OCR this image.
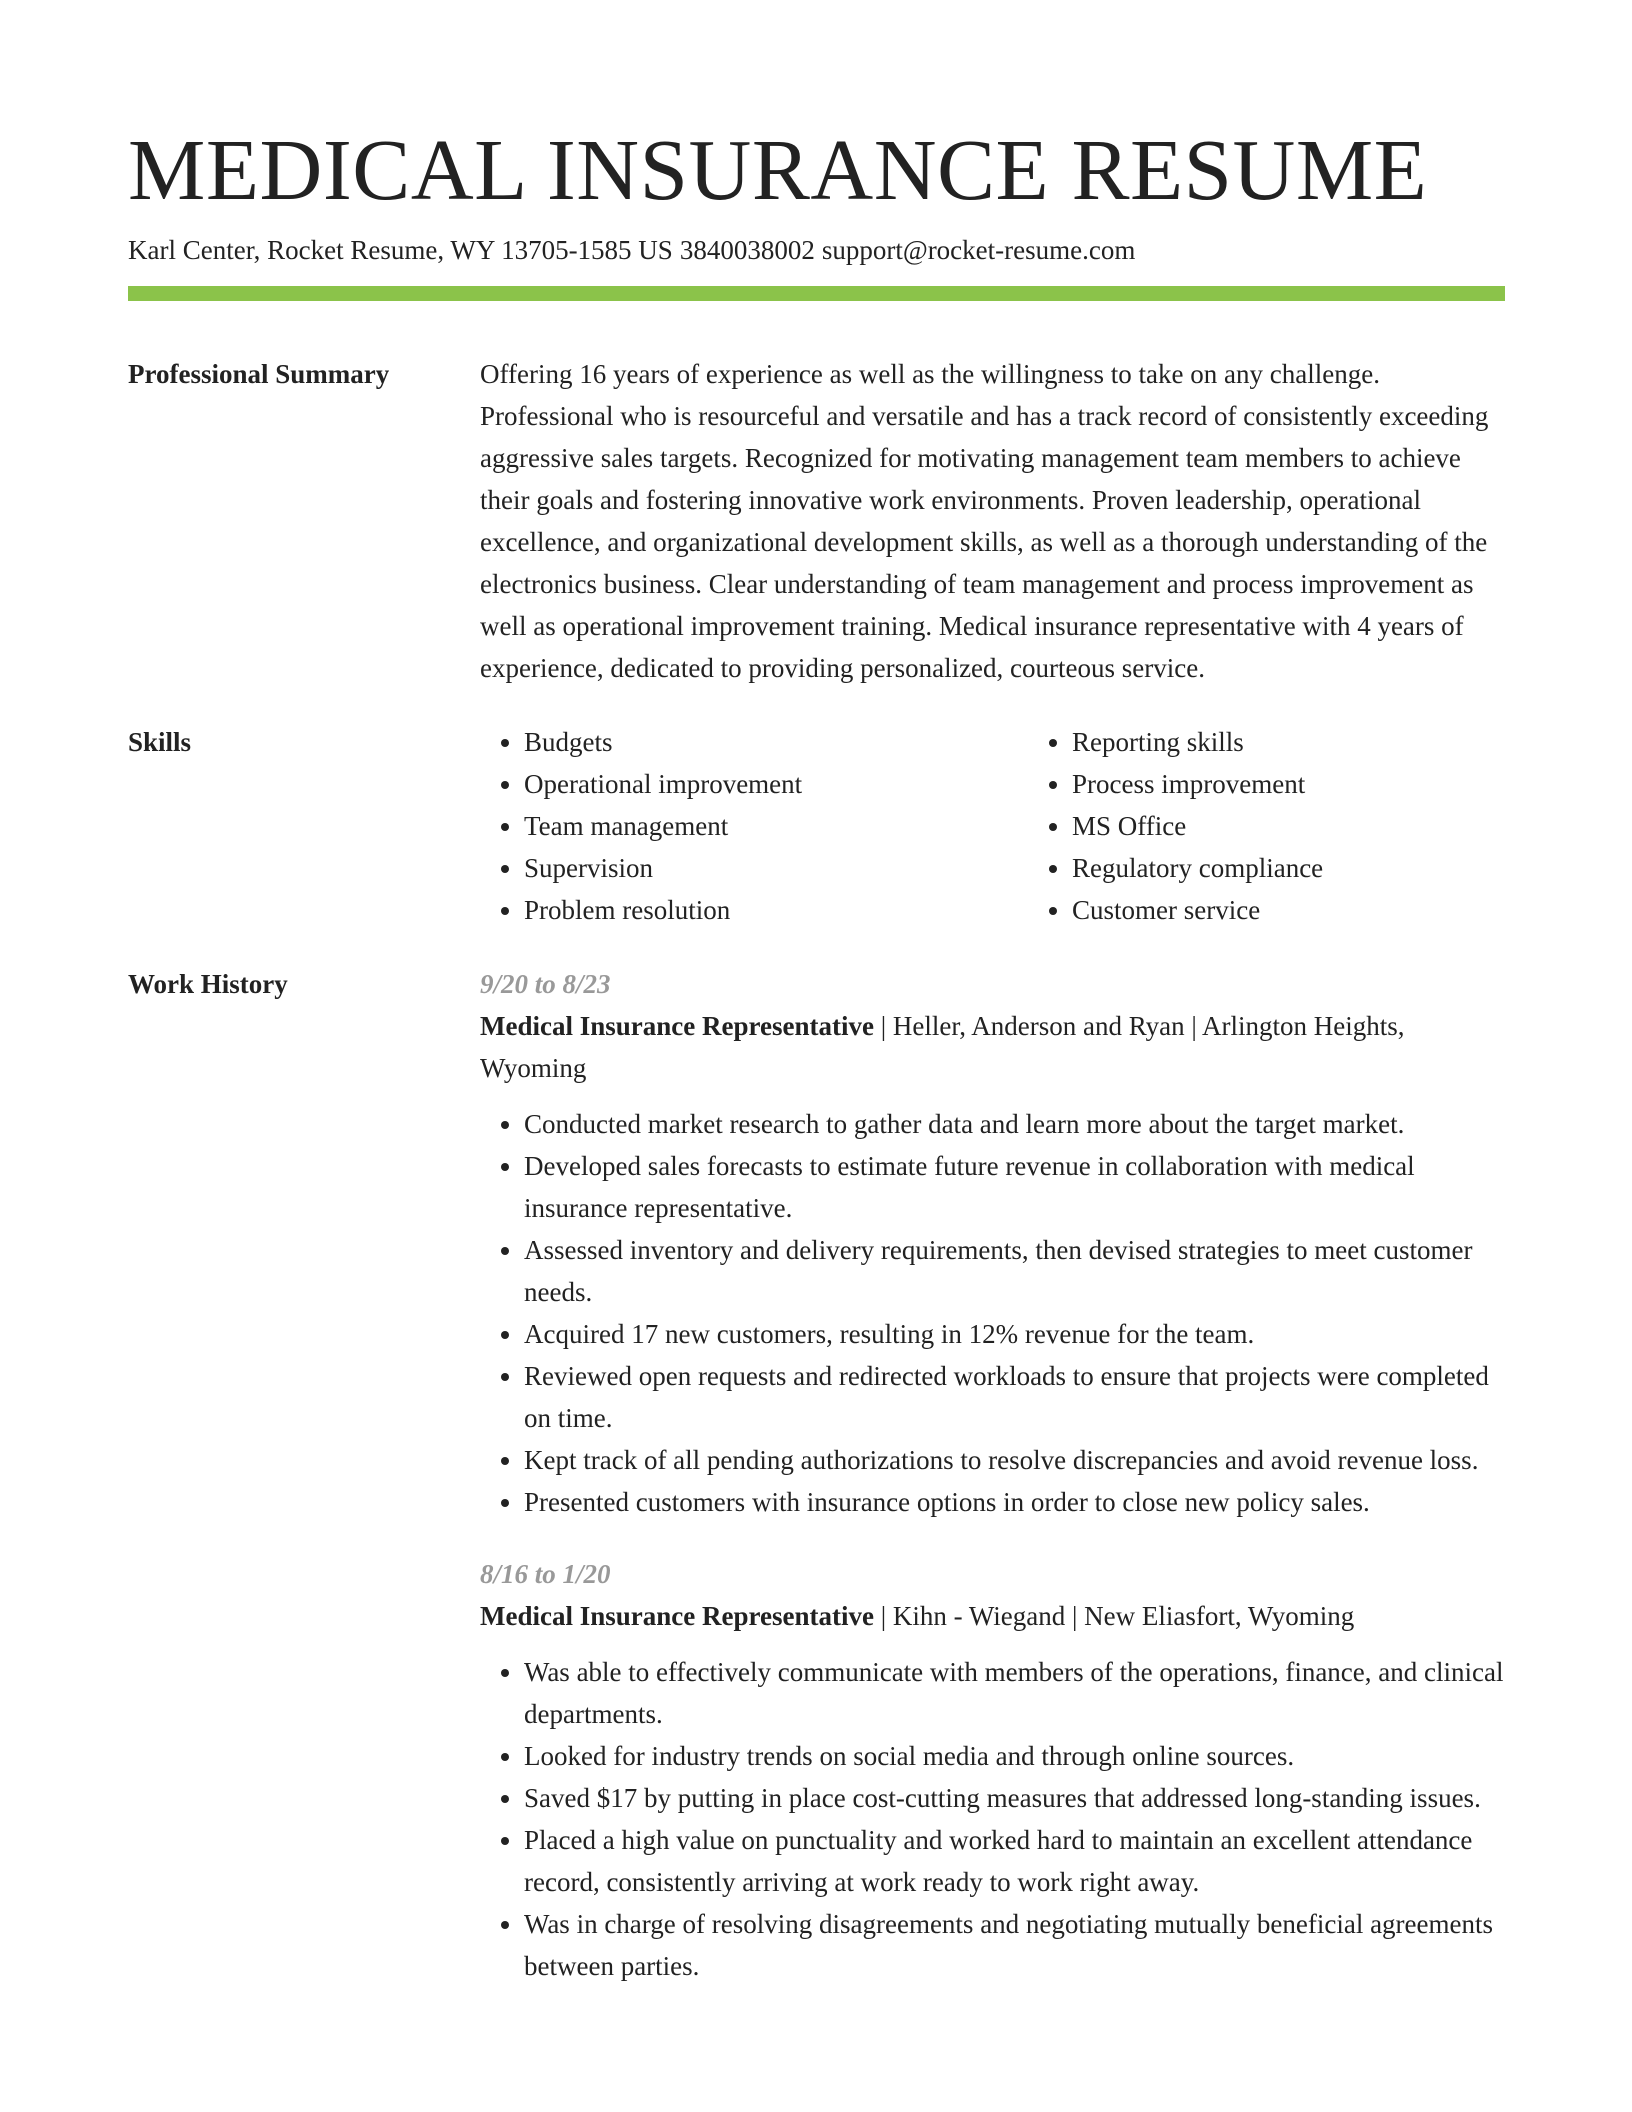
MEDICAL INSURANCE RESUME
Karl Center, Rocket Resume, WY 13705-1585 US 3840038002 support@rocket-resume.com
Professional Summary	Offering 16 years of experience as well as the willingness to take on any challenge. Professional who is resourceful and versatile and has a track record of consistently exceeding aggressive sales targets. Recognized for motivating management team members to achieve their goals and fostering innovative work environments. Proven leadership, operational excellence, and organizational development skills, as well as a thorough understanding of the electronics business. Clear understanding of team management and process improvement as well as operational improvement training. Medical insurance representative with 4 years of experience, dedicated to providing personalized, courteous service.
Skills
•	Budgets
• Operational improvement
• Team management
• Supervision
• Problem resolution
• Reporting skills
• Process improvement
• MS Office
• Regulatory compliance
• Customer service
Work History	9/20 to 8/23
Medical Insurance Representative | Heller, Anderson and Ryan | Arlington Heights, Wyoming
• Conducted market research to gather data and learn more about the target market.
• Developed sales forecasts to estimate future revenue in collaboration with medical insurance representative.
• Assessed inventory and delivery requirements, then devised strategies to meet customer needs.
• Acquired 17 new customers, resulting in 12% revenue for the team.
• Reviewed open requests and redirected workloads to ensure that projects were completed on time.
• Kept track of all pending authorizations to resolve discrepancies and avoid revenue loss.
• Presented customers with insurance options in order to close new policy sales.
8/16 to 1/20
Medical Insurance Representative | Kihn - Wiegand | New Eliasfort, Wyoming
• Was able to effectively communicate with members of the operations, finance, and clinical departments.
• Looked for industry trends on social media and through online sources.
• Saved $17 by putting in place cost-cutting measures that addressed long-standing issues.
• Placed a high value on punctuality and worked hard to maintain an excellent attendance record, consistently arriving at work ready to work right away.
• Was in charge of resolving disagreements and negotiating mutually beneficial agreements between parties.
